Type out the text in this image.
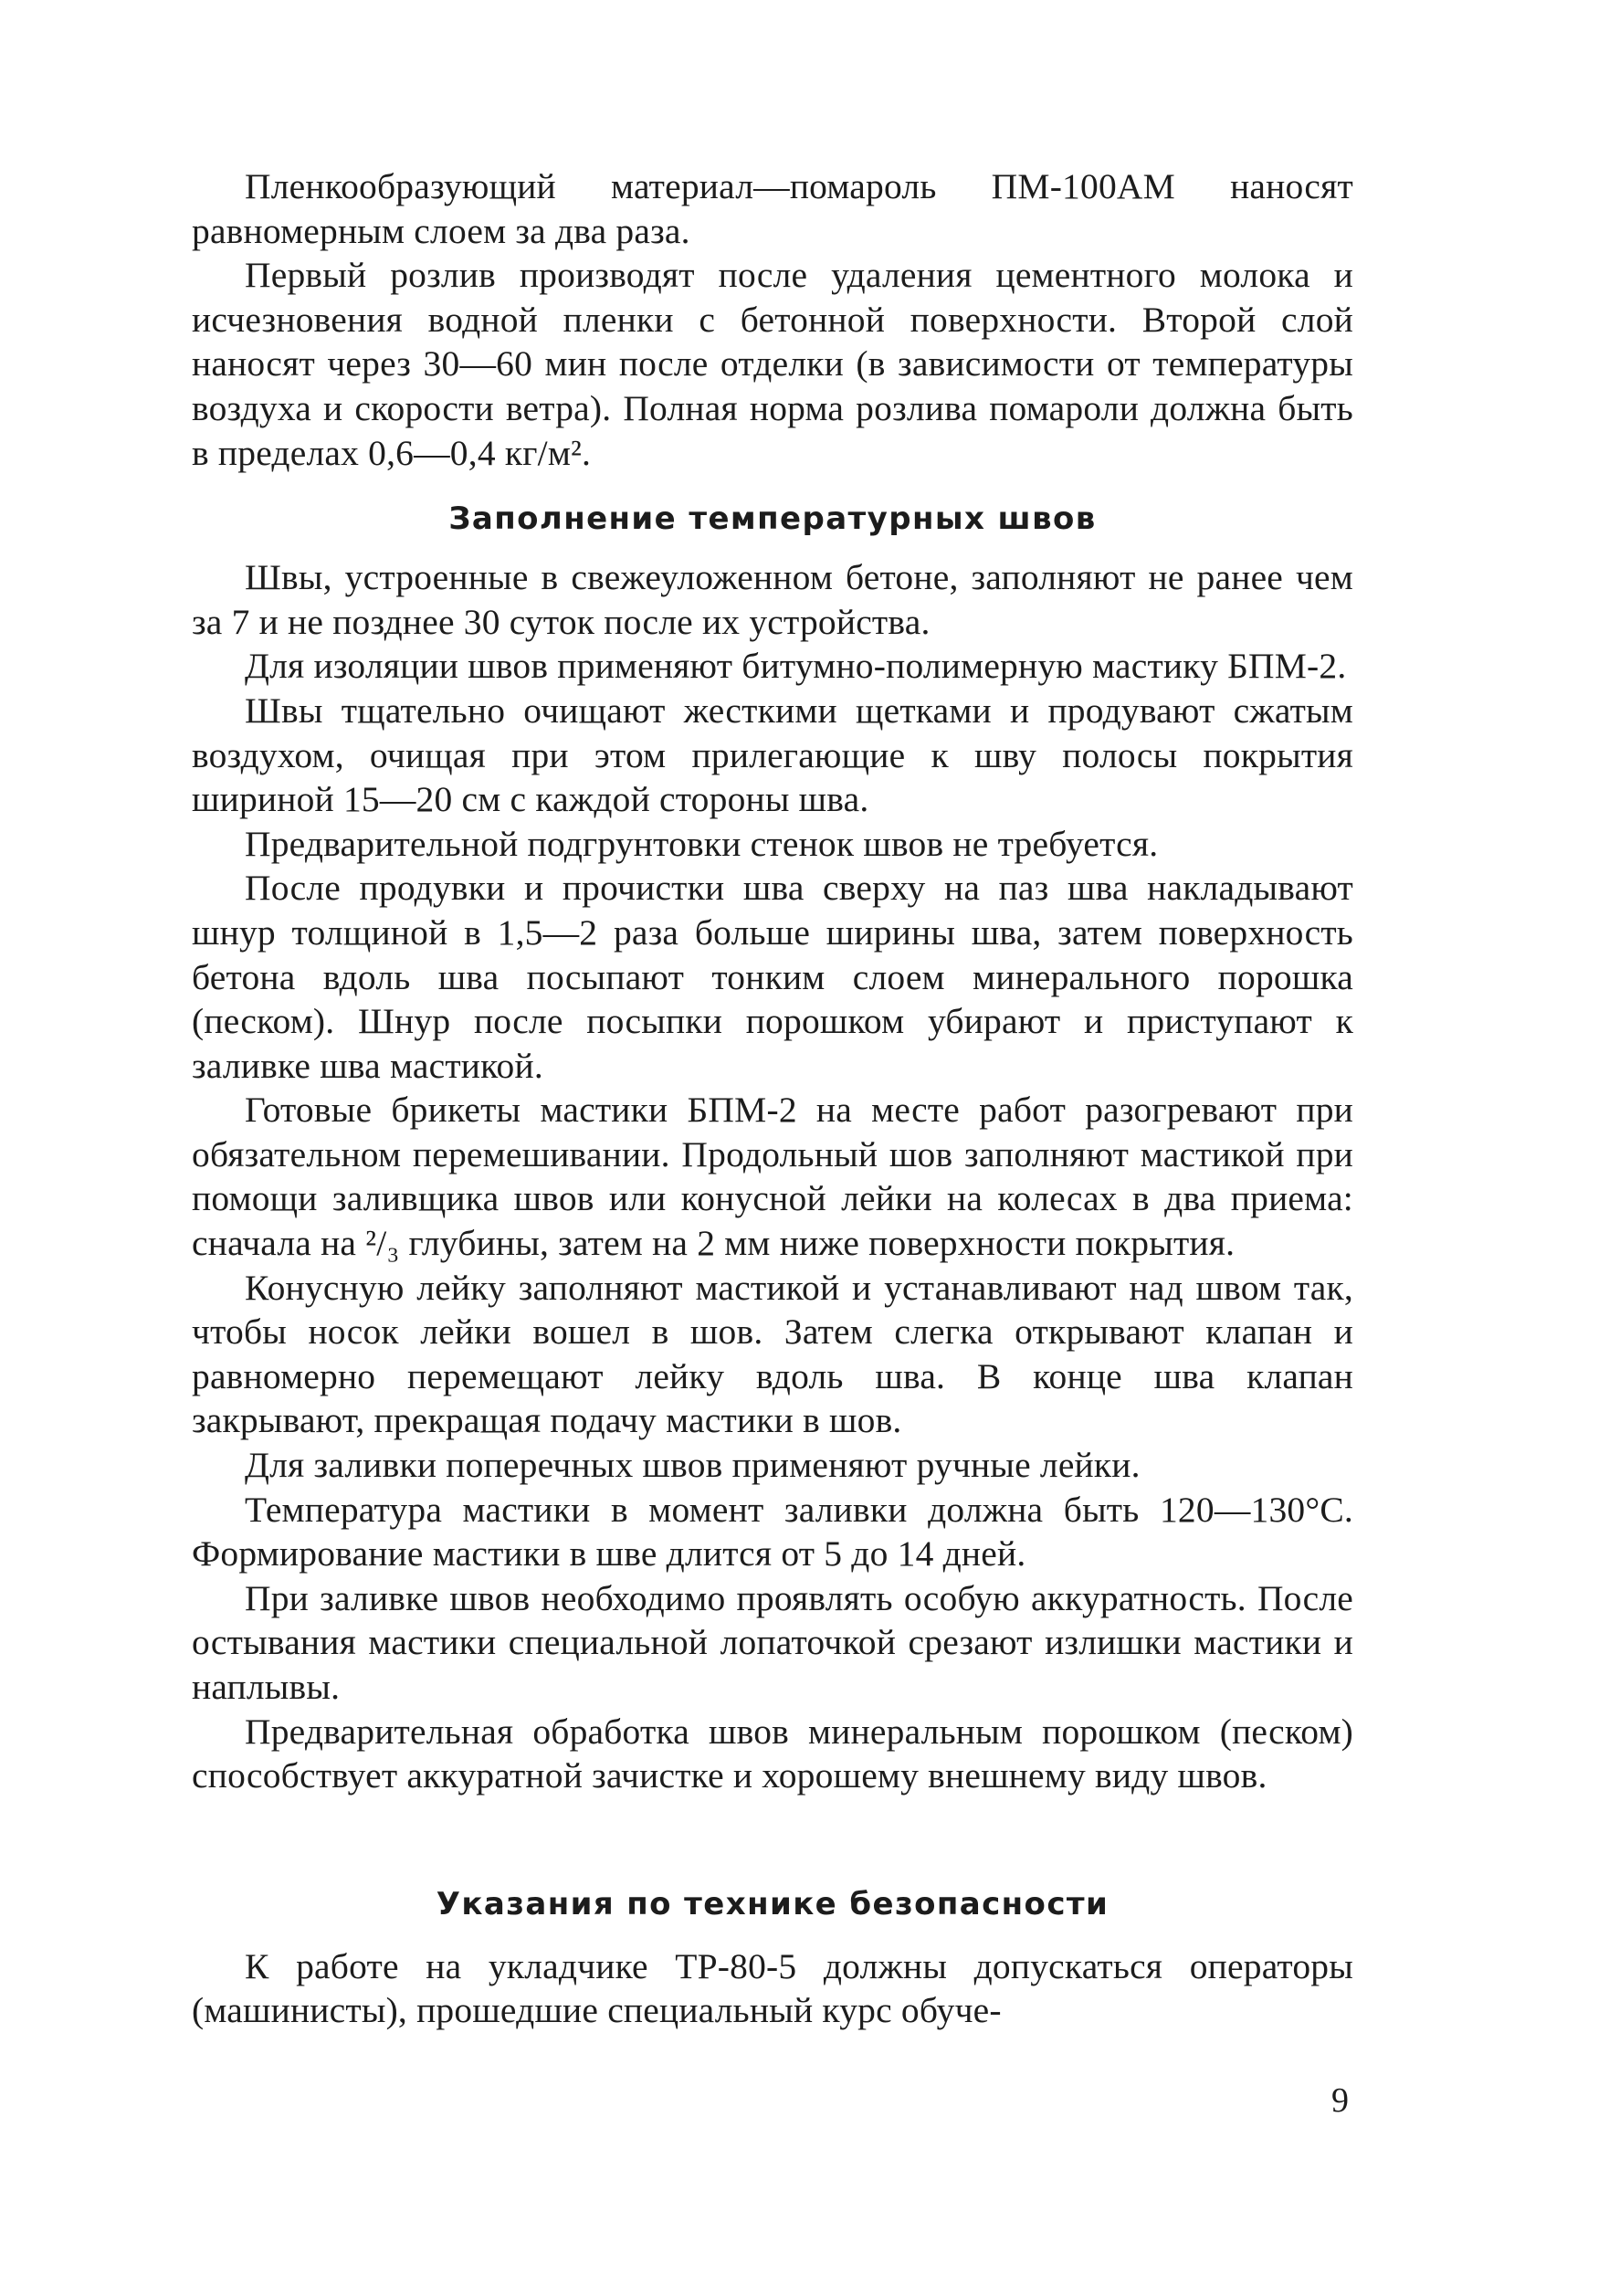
Пленкообразующий материал—помароль ПМ-100АМ наносят равномерным слоем за два раза.

Первый розлив производят после удаления цементного молока и исчезновения водной пленки с бетонной поверхности. Второй слой наносят через 30—60 мин после отделки (в зависимости от температуры воздуха и скорости ветра). Полная норма розлива помароли должна быть в пределах 0,6—0,4 кг/м².

Заполнение температурных швов

Швы, устроенные в свежеуложенном бетоне, заполняют не ранее чем за 7 и не позднее 30 суток после их устройства.

Для изоляции швов применяют битумно-полимерную мастику БПМ-2.

Швы тщательно очищают жесткими щетками и продувают сжатым воздухом, очищая при этом прилегающие к шву полосы покрытия шириной 15—20 см с каждой стороны шва.

Предварительной подгрунтовки стенок швов не требуется.

После продувки и прочистки шва сверху на паз шва накладывают шнур толщиной в 1,5—2 раза больше ширины шва, затем поверхность бетона вдоль шва посыпают тонким слоем минерального порошка (песком). Шнур после посыпки порошком убирают и приступают к заливке шва мастикой.

Готовые брикеты мастики БПМ-2 на месте работ разогревают при обязательном перемешивании. Продольный шов заполняют мастикой при помощи заливщика швов или конусной лейки на колесах в два приема: сначала на ²/₃ глубины, затем на 2 мм ниже поверхности покрытия.

Конусную лейку заполняют мастикой и устанавливают над швом так, чтобы носок лейки вошел в шов. Затем слегка открывают клапан и равномерно перемещают лейку вдоль шва. В конце шва клапан закрывают, прекращая подачу мастики в шов.

Для заливки поперечных швов применяют ручные лейки.

Температура мастики в момент заливки должна быть 120—130°С. Формирование мастики в шве длится от 5 до 14 дней.

При заливке швов необходимо проявлять особую аккуратность. После остывания мастики специальной лопаточкой срезают излишки мастики и наплывы.

Предварительная обработка швов минеральным порошком (песком) способствует аккуратной зачистке и хорошему внешнему виду швов.

Указания по технике безопасности

К работе на укладчике ТР-80-5 должны допускаться операторы (машинисты), прошедшие специальный курс обуче-

9
